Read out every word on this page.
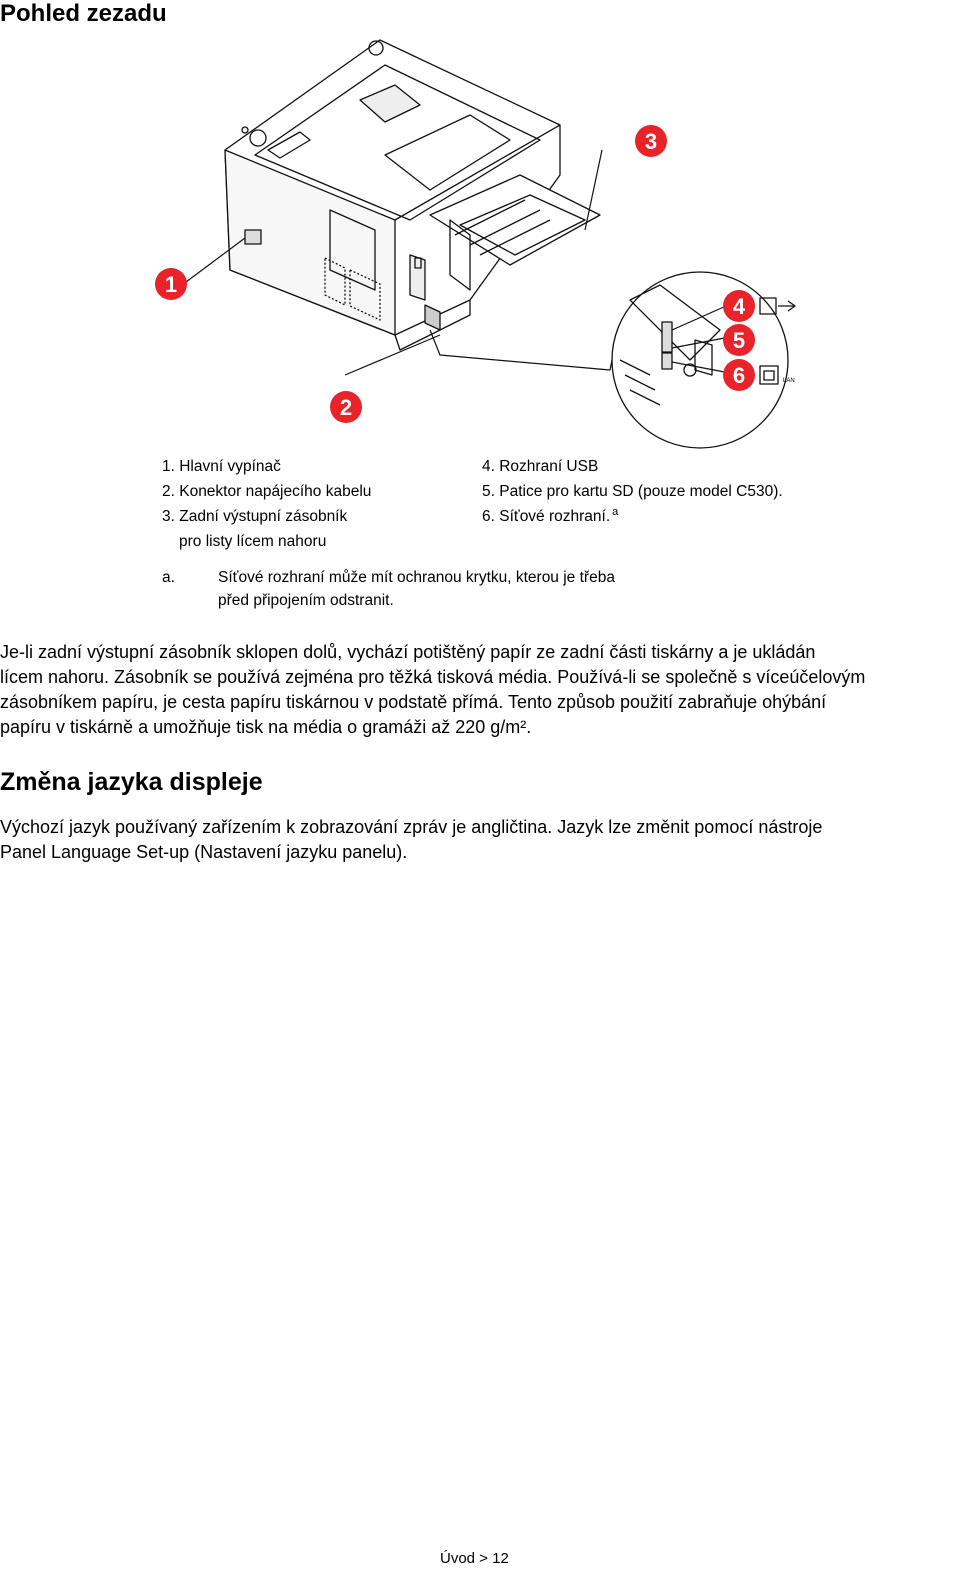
Pohled zezadu
LAN
1
2
3
4
5
6
1. Hlavní vypínač
2. Konektor napájecího kabelu
3. Zadní výstupní zásobník
pro listy lícem nahoru
4. Rozhraní USB
5. Patice pro kartu SD (pouze model C530).
6. Síťové rozhraní. $^a$
a.	Síťové rozhraní může mít ochranou krytku, kterou je třeba
před připojením odstranit.

Je-li zadní výstupní zásobník sklopen dolů, vychází potištěný papír ze zadní části tiskárny a je ukládán
lícem nahoru. Zásobník se používá zejména pro těžká tisková média. Používá-li se společně s víceúčelovým
zásobníkem papíru, je cesta papíru tiskárnou v podstatě přímá. Tento způsob použití zabraňuje ohýbání
papíru v tiskárně a umožňuje tisk na média o gramáži až 220 g/m².

Změna jazyka displeje

Výchozí jazyk používaný zařízením k zobrazování zpráv je angličtina. Jazyk lze změnit pomocí nástroje
Panel Language Set-up (Nastavení jazyku panelu).

Úvod > 12
